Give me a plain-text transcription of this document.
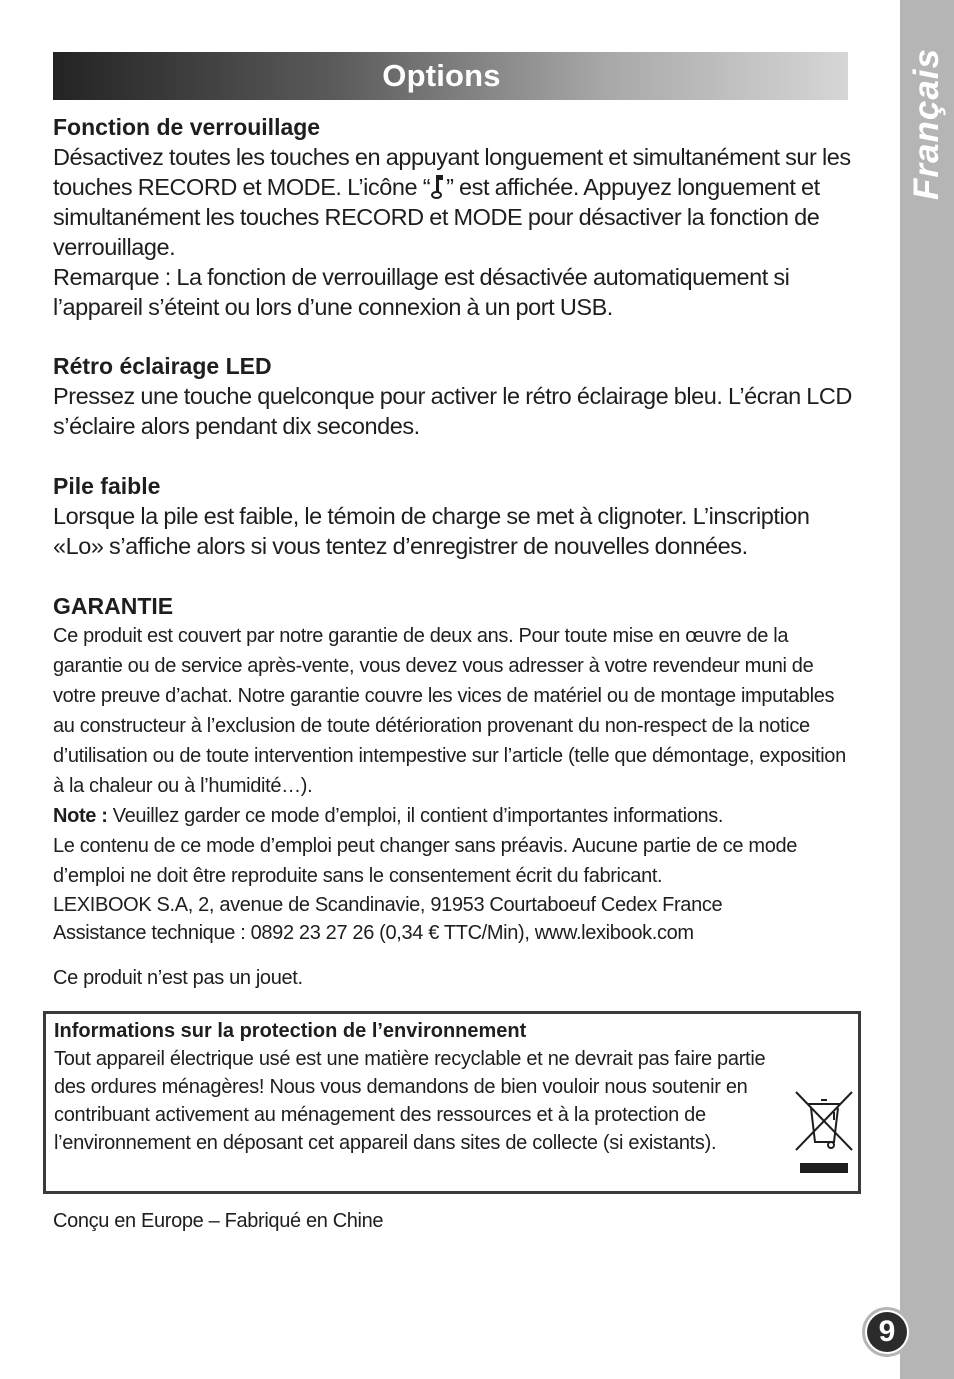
Options	Français
9

Fonction de verrouillage

Désactivez toutes les touches en appuyant longuement et simultanément sur les touches RECORD et MODE. L’icône “ ” est affichée. Appuyez longuement et simultanément les touches RECORD et MODE pour désactiver la fonction de verrouillage.

Remarque : La fonction de verrouillage est désactivée automatiquement si l’appareil s’éteint ou lors d’une connexion à un port USB.

Rétro éclairage LED

Pressez une touche quelconque pour activer le rétro éclairage bleu. L’écran LCD s’éclaire alors pendant dix secondes.

Pile faible

Lorsque la pile est faible, le témoin de charge se met à clignoter. L’inscription «Lo» s’affiche alors si vous tentez d’enregistrer de nouvelles données.

GARANTIE

Ce produit est couvert par notre garantie de deux ans. Pour toute mise en œuvre de la garantie ou de service après-vente, vous devez vous adresser à votre revendeur muni de votre preuve d’achat. Notre garantie couvre les vices de matériel ou de montage imputables au constructeur à l’exclusion de toute détérioration provenant du non-respect de la notice d’utilisation ou de toute intervention intempestive sur l’article (telle que démontage, exposition à la chaleur ou à l’humidité…).

Note : Veuillez garder ce mode d’emploi, il contient d’importantes informations.

Le contenu de ce mode d’emploi peut changer sans préavis. Aucune partie de ce mode d’emploi ne doit être reproduite sans le consentement écrit du fabricant.

LEXIBOOK S.A, 2, avenue de Scandinavie, 91953 Courtaboeuf Cedex France

Assistance technique : 0892 23 27 26 (0,34 € TTC/Min), www.lexibook.com

Ce produit n’est pas un jouet.

Informations sur la protection de l’environnement

Tout appareil électrique usé est une matière recyclable et ne devrait pas faire partie des ordures ménagères! Nous vous demandons de bien vouloir nous soutenir en contribuant activement au ménagement des ressources et à la protection de l’environnement en déposant cet appareil dans sites de collecte (si existants).

Conçu en Europe – Fabriqué en Chine
